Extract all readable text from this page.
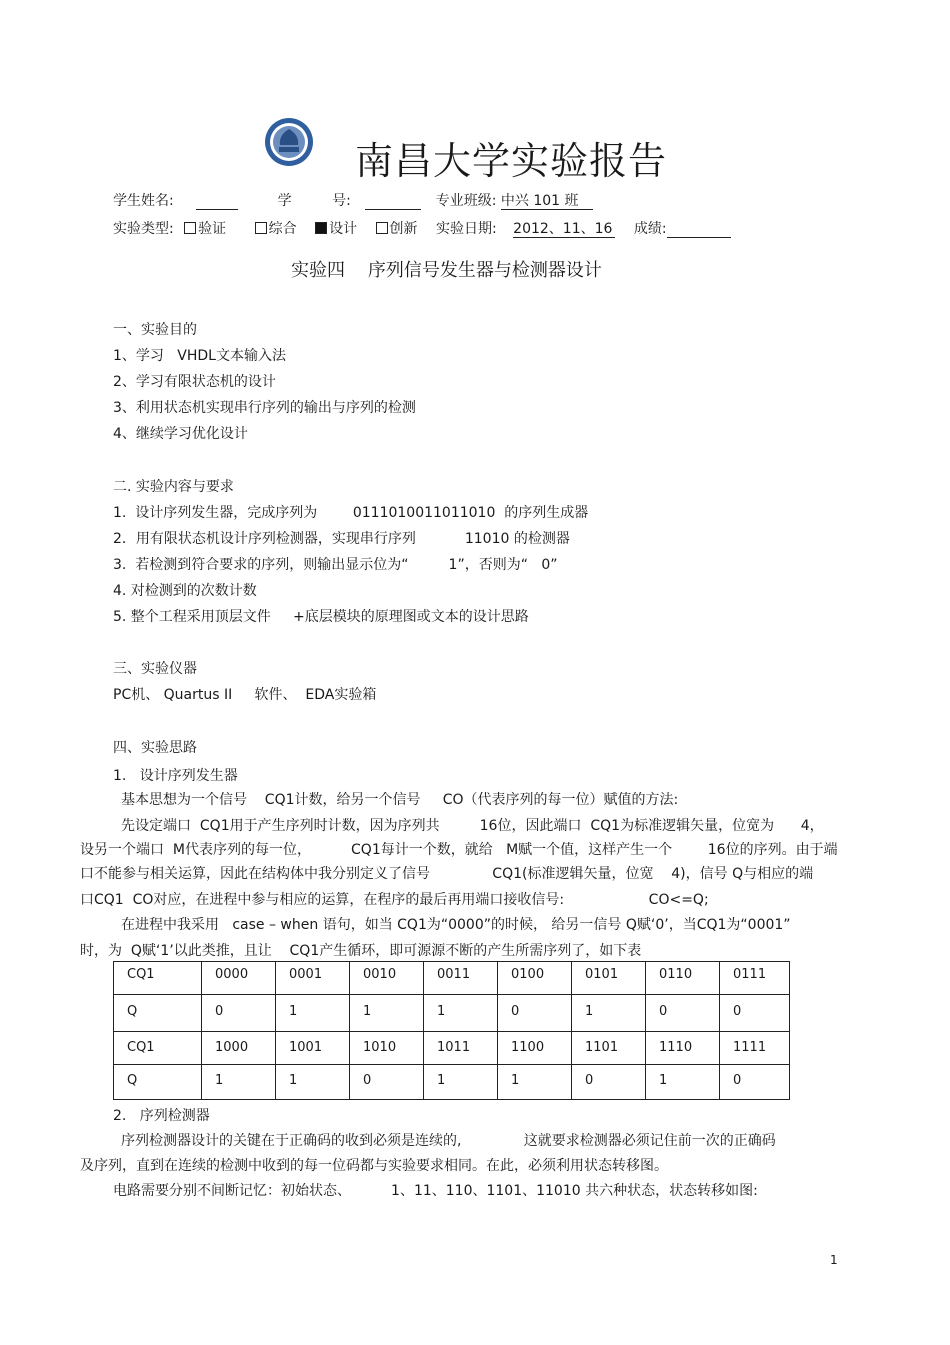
南昌大学实验报告
学生姓名:	学	号:	专业班级: 中兴 101 班
实验类型: 验证	综合 设计 创新 实验日期: 2012、11、16 成绩:
实验四    序列信号发生器与检测器设计
一、实验目的
1、学习   VHDL文本输入法
2、学习有限状态机的设计
3、利用状态机实现串行序列的输出与序列的检测
4、继续学习优化设计
二. 实验内容与要求
1.  设计序列发生器，完成序列为        0111010011011010  的序列生成器
2．用有限状态机设计序列检测器，实现串行序列           11010 的检测器
3.  若检测到符合要求的序列，则输出显示位为“         1”，否则为“   0”
4. 对检测到的次数计数
5. 整个工程采用顶层文件     +底层模块的原理图或文本的设计思路
三、实验仪器
PC机、 Quartus II     软件、  EDA实验箱
四、实验思路
1.   设计序列发生器
基本思想为一个信号    CQ1计数，给另一个信号     CO（代表序列的每一位）赋值的方法:
先设定端口  CQ1用于产生序列时计数，因为序列共         16位，因此端口  CQ1为标准逻辑矢量，位宽为      4，
设另一个端口  M代表序列的每一位，         CQ1每计一个数，就给   M赋一个值，这样产生一个        16位的序列。由于端
口不能参与相关运算，因此在结构体中我分别定义了信号              CQ1(标准逻辑矢量，位宽    4)，信号 Q与相应的端
口CQ1  CO对应，在进程中参与相应的运算，在程序的最后再用端口接收信号:                   CO<=Q;
在进程中我采用   case – when 语句，如当 CQ1为“0000”的时候， 给另一信号 Q赋‘0’，当CQ1为“0001”
时，为  Q赋‘1’以此类推，且让    CQ1产生循环，即可源源不断的产生所需序列了，如下表
CQ1	0000	0001	0010	0011	0100	0101	0110	0111
Q	0	1	1	1	0	1	0	0
CQ1	1000	1001	1010	1011	1100	1101	1110	1111
Q	1	1	0	1	1	0	1	0
2.   序列检测器
序列检测器设计的关键在于正确码的收到必须是连续的,              这就要求检测器必须记住前一次的正确码
及序列，直到在连续的检测中收到的每一位码都与实验要求相同。在此，必须利用状态转移图。
电路需要分别不间断记忆：初始状态、         1、11、110、1101、11010 共六种状态，状态转移如图:
1
